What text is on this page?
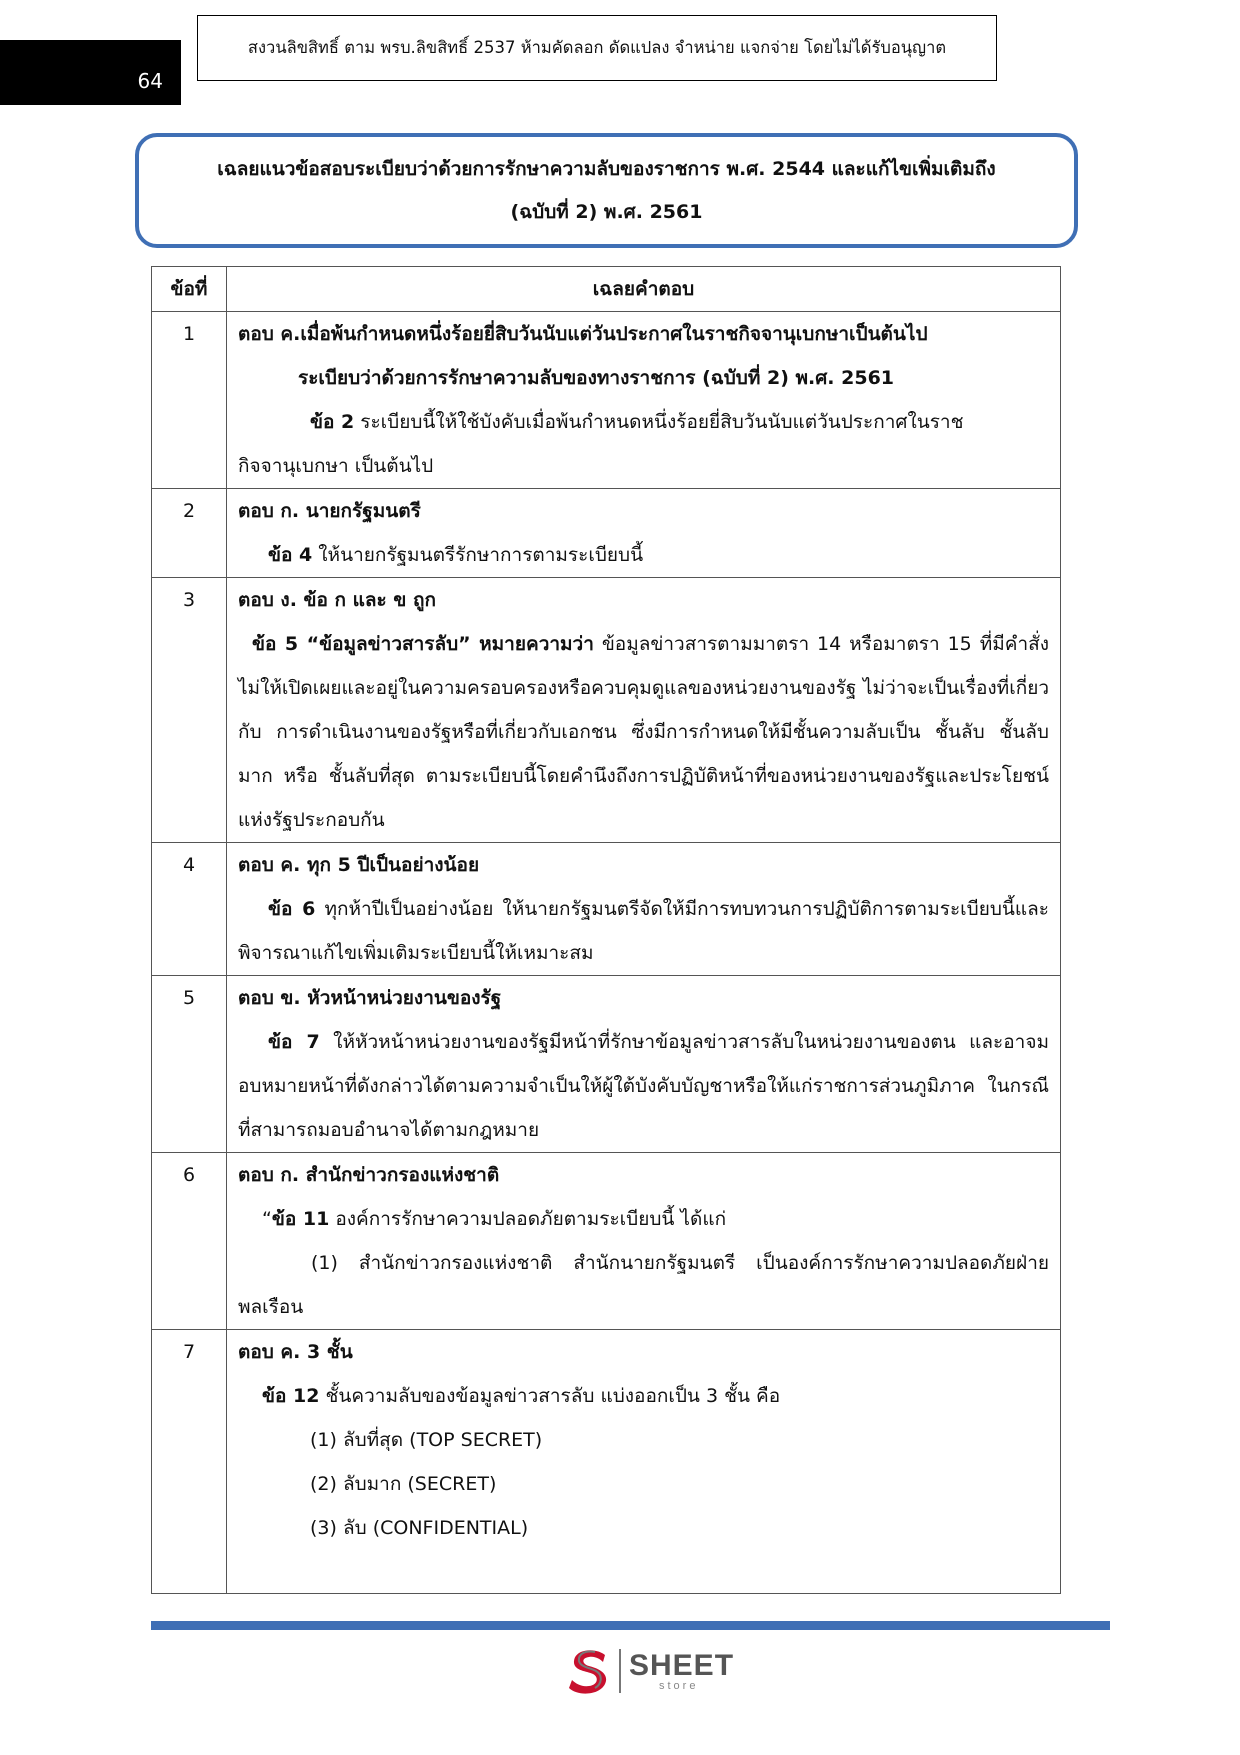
64
สงวนลิขสิทธิ์ ตาม พรบ.ลิขสิทธิ์ 2537 ห้ามคัดลอก ดัดแปลง จำหน่าย แจกจ่าย โดยไม่ได้รับอนุญาต
เฉลยแนวข้อสอบระเบียบว่าด้วยการรักษาความลับของราชการ พ.ศ. 2544 และแก้ไขเพิ่มเติมถึง
(ฉบับที่ 2) พ.ศ. 2561
ข้อที่	เฉลยคำตอบ

1	ตอบ ค.เมื่อพ้นกำหนดหนึ่งร้อยยี่สิบวันนับแต่วันประกาศในราชกิจจานุเบกษาเป็นต้นไป
ระเบียบว่าด้วยการรักษาความลับของทางราชการ (ฉบับที่ 2) พ.ศ. 2561
ข้อ 2 ระเบียบนี้ให้ใช้บังคับเมื่อพ้นกำหนดหนึ่งร้อยยี่สิบวันนับแต่วันประกาศในราช
กิจจานุเบกษา เป็นต้นไป

2	ตอบ ก. นายกรัฐมนตรี
ข้อ 4 ให้นายกรัฐมนตรีรักษาการตามระเบียบนี้

3	ตอบ ง. ข้อ ก และ ข ถูก
ข้อ 5 “ข้อมูลข่าวสารลับ” หมายความว่า ข้อมูลข่าวสารตามมาตรา 14 หรือมาตรา 15 ที่มีคำสั่ง ไม่ให้เปิดเผยและอยู่ในความครอบครองหรือควบคุมดูแลของหน่วยงานของรัฐ ไม่ว่าจะเป็นเรื่องที่เกี่ยวกับ การดำเนินงานของรัฐหรือที่เกี่ยวกับเอกชน ซึ่งมีการกำหนดให้มีชั้นความลับเป็น ชั้นลับ ชั้นลับมาก หรือ ชั้นลับที่สุด ตามระเบียบนี้โดยคำนึงถึงการปฏิบัติหน้าที่ของหน่วยงานของรัฐและประโยชน์แห่งรัฐประกอบกัน

4	ตอบ ค. ทุก 5 ปีเป็นอย่างน้อย
ข้อ 6 ทุกห้าปีเป็นอย่างน้อย ให้นายกรัฐมนตรีจัดให้มีการทบทวนการปฏิบัติการตามระเบียบนี้และพิจารณาแก้ไขเพิ่มเติมระเบียบนี้ให้เหมาะสม

5	ตอบ ข. หัวหน้าหน่วยงานของรัฐ
ข้อ 7 ให้หัวหน้าหน่วยงานของรัฐมีหน้าที่รักษาข้อมูลข่าวสารลับในหน่วยงานของตน และอาจมอบหมายหน้าที่ดังกล่าวได้ตามความจำเป็นให้ผู้ใต้บังคับบัญชาหรือให้แก่ราชการส่วนภูมิภาค ในกรณีที่สามารถมอบอำนาจได้ตามกฎหมาย

6	ตอบ ก. สำนักข่าวกรองแห่งชาติ
“ข้อ 11 องค์การรักษาความปลอดภัยตามระเบียบนี้ ได้แก่
(1) สำนักข่าวกรองแห่งชาติ สำนักนายกรัฐมนตรี เป็นองค์การรักษาความปลอดภัยฝ่ายพลเรือน

7	ตอบ ค. 3 ชั้น
ข้อ 12 ชั้นความลับของข้อมูลข่าวสารลับ แบ่งออกเป็น 3 ชั้น คือ
(1) ลับที่สุด (TOP SECRET)
(2) ลับมาก (SECRET)
(3) ลับ (CONFIDENTIAL)
SHEET
store
